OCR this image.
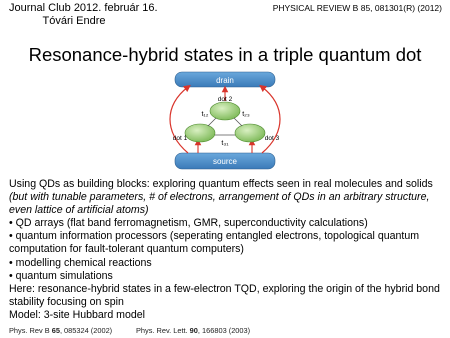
Journal Club 2012. február 16.
Tóvári Endre
PHYSICAL REVIEW B 85, 081301(R) (2012)
Resonance-hybrid states in a triple quantum dot
drain
source
dot 2
dot 1	dot 3
t₁₂	t₂₃
t₃₁

Using QDs as building blocks: exploring quantum effects seen in real molecules and solids (but with tunable parameters, # of electrons, arrangement of QDs in an arbitrary structure, even lattice of artificial atoms)

• QD arrays (flat band ferromagnetism, GMR, superconductivity calculations)

• quantum information processors (seperating entangled electrons, topological quantum computation for fault-tolerant quantum computers)

• modelling chemical reactions

• quantum simulations

Here: resonance-hybrid states in a few-electron TQD, exploring the origin of the hybrid bond stability focusing on spin

Model: 3-site Hubbard model

Phys. Rev B 65, 085324 (2002)	Phys. Rev. Lett. 90, 166803 (2003)
